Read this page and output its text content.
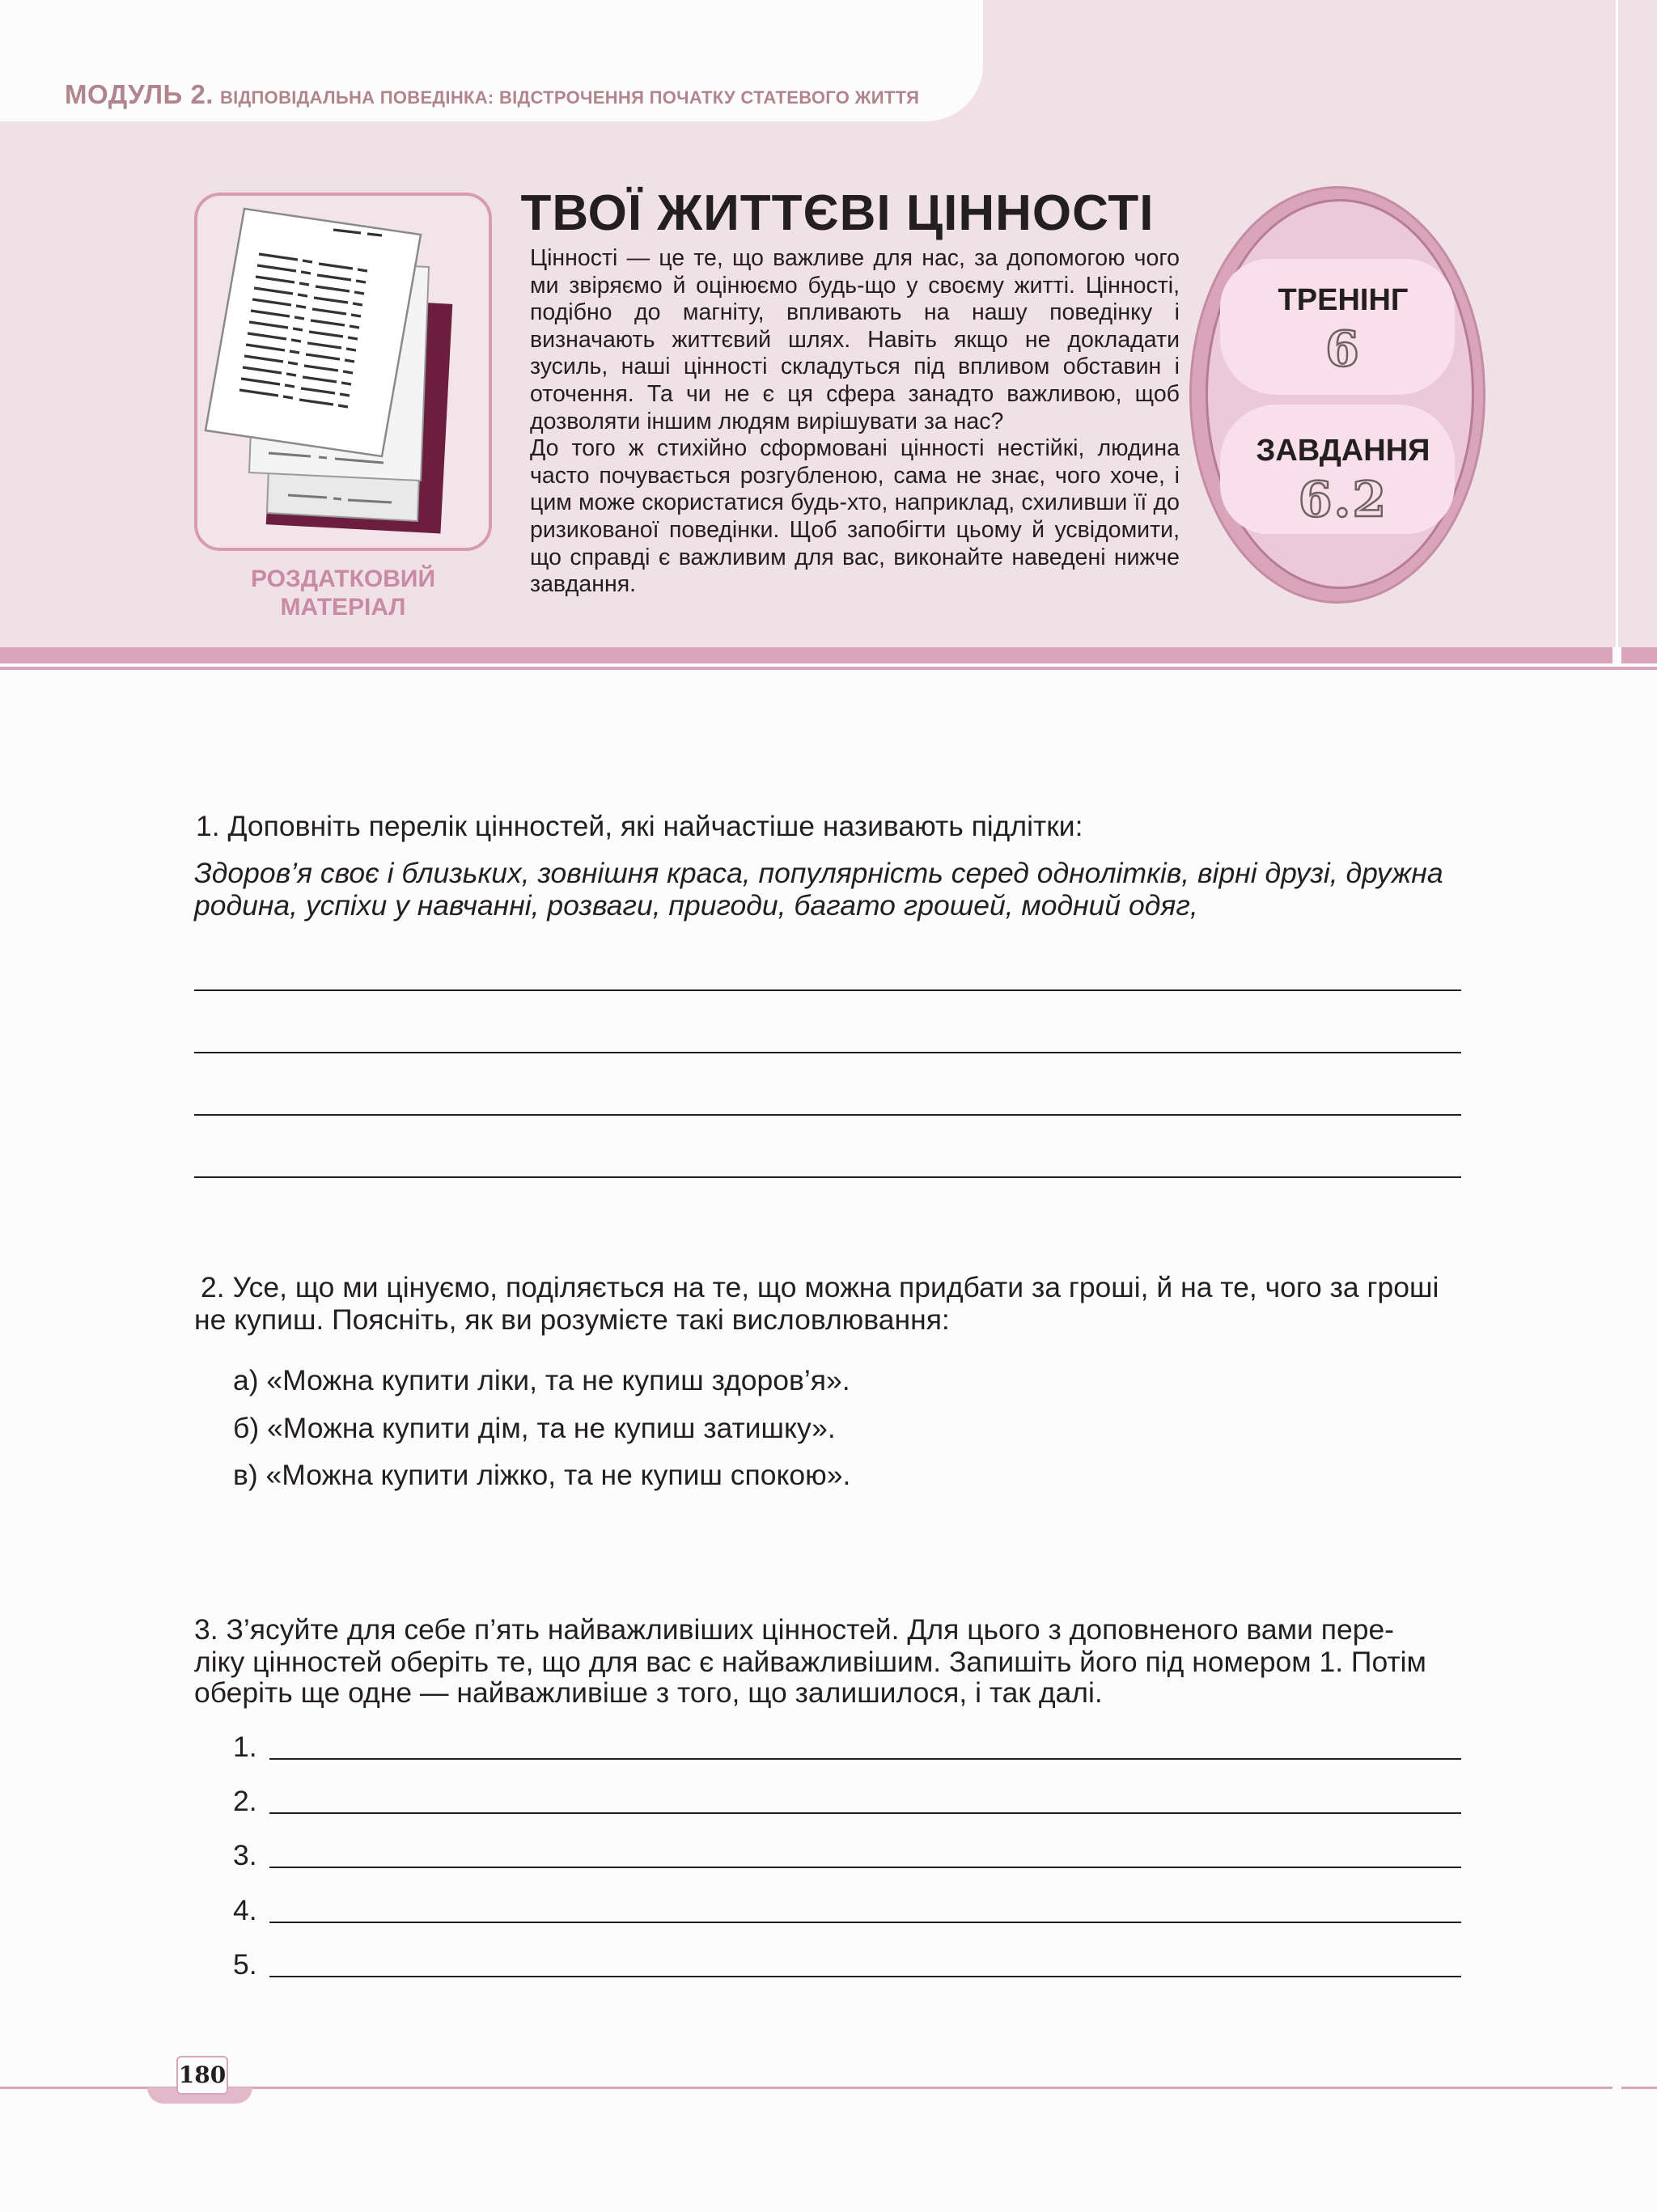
МОДУЛЬ 2. ВІДПОВІДАЛЬНА ПОВЕДІНКА: ВІДСТРОЧЕННЯ ПОЧАТКУ СТАТЕВОГО ЖИТТЯ
РОЗДАТКОВИЙ
МАТЕРІАЛ
ТВОЇ ЖИТТЄВІ ЦІННОСТІ

Цінності — це те, що важливе для нас, за допомогою чого ми звіряємо й оцінюємо будь-що у своєму житті. Цінності, подібно до магніту, впливають на нашу поведінку і визначають життєвий шлях. Навіть якщо не докладати зусиль, наші цінності складуться під впливом обставин і оточення. Та чи не є ця сфера занадто важливою, щоб дозволяти іншим людям вирішувати за нас?

До того ж стихійно сформовані цінності нестійкі, людина часто почувається розгубленою, сама не знає, чого хоче, і цим може скористатися будь-хто, наприклад, схиливши її до ризикованої поведінки. Щоб запобігти цьому й усвідомити, що справді є важливим для вас, виконайте наведені нижче завдання.

ТРЕНІНГ
6
ЗАВДАННЯ
6.2
1. Доповніть перелік цінностей, які найчастіше називають підлітки:
Здоров’я своє і близьких, зовнішня краса, популярність серед однолітків, вірні друзі, дружна
родина, успіхи у навчанні, розваги, пригоди, багато грошей, модний одяг,
2. Усе, що ми цінуємо, поділяється на те, що можна придбати за гроші, й на те, чого за гроші
не купиш. Поясніть, як ви розумієте такі висловлювання:
а) «Можна купити ліки, та не купиш здоров’я».
б) «Можна купити дім, та не купиш затишку».
в) «Можна купити ліжко, та не купиш спокою».
3. З’ясуйте для себе п’ять найважливіших цінностей. Для цього з доповненого вами пере-
ліку цінностей оберіть те, що для вас є найважливішим. Запишіть його під номером 1. Потім
оберіть ще одне — найважливіше з того, що залишилося, і так далі.
1.
2.
3.
4.
5.
180
